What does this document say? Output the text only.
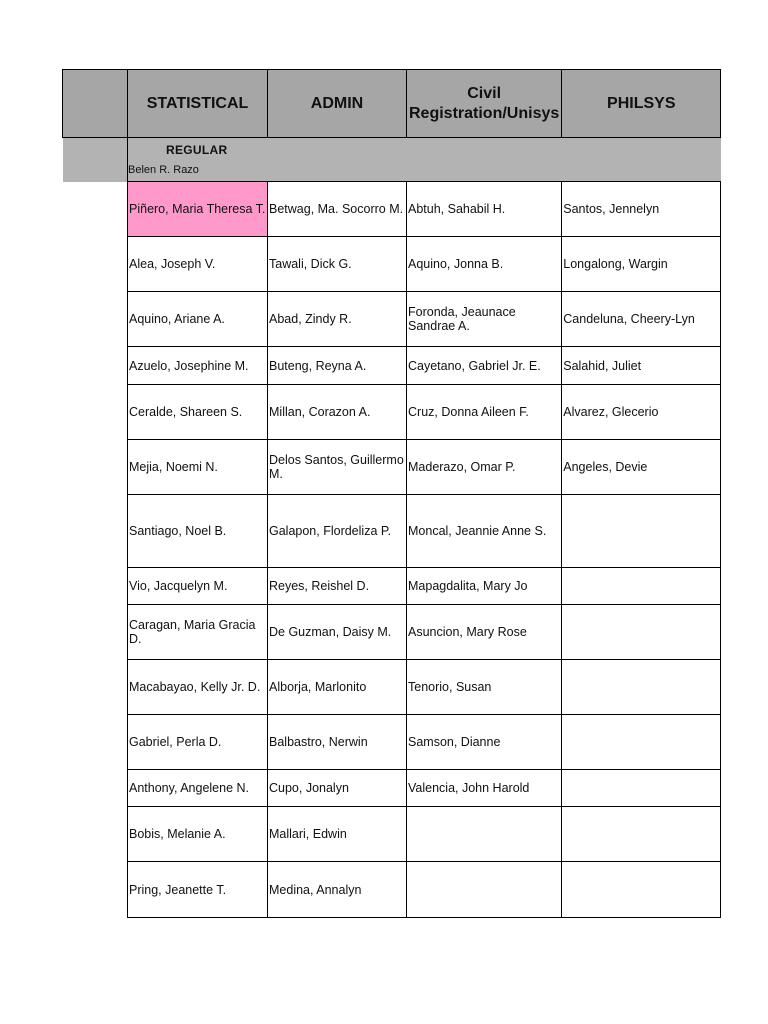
	STATISTICAL	ADMIN	Civil Registration/Unisys	PHILSYS

	REGULAR
Belen R. Razo			

	Piñero, Maria Theresa T.	Betwag, Ma. Socorro M.	Abtuh, Sahabil H.	Santos, Jennelyn
	Alea, Joseph V.	Tawali, Dick G.	Aquino, Jonna B.	Longalong, Wargin
	Aquino, Ariane A.	Abad, Zindy R.	Foronda, Jeaunace Sandrae A.	Candeluna, Cheery-Lyn
	Azuelo, Josephine M.	Buteng, Reyna A.	Cayetano, Gabriel Jr. E.	Salahid, Juliet
	Ceralde, Shareen S.	Millan, Corazon A.	Cruz, Donna Aileen F.	Alvarez, Glecerio
	Mejia, Noemi N.	Delos Santos, Guillermo M.	Maderazo, Omar P.	Angeles, Devie
	Santiago, Noel B.	Galapon, Flordeliza P.	Moncal, Jeannie Anne S.	
	Vio, Jacquelyn M.	Reyes, Reishel D.	Mapagdalita, Mary Jo	
	Caragan, Maria Gracia D.	De Guzman, Daisy M.	Asuncion, Mary Rose	
	Macabayao, Kelly Jr. D.	Alborja, Marlonito	Tenorio, Susan	
	Gabriel, Perla D.	Balbastro, Nerwin	Samson, Dianne	
	Anthony, Angelene N.	Cupo, Jonalyn	Valencia, John Harold	
	Bobis, Melanie A.	Mallari, Edwin		
	Pring, Jeanette T.	Medina, Annalyn		
